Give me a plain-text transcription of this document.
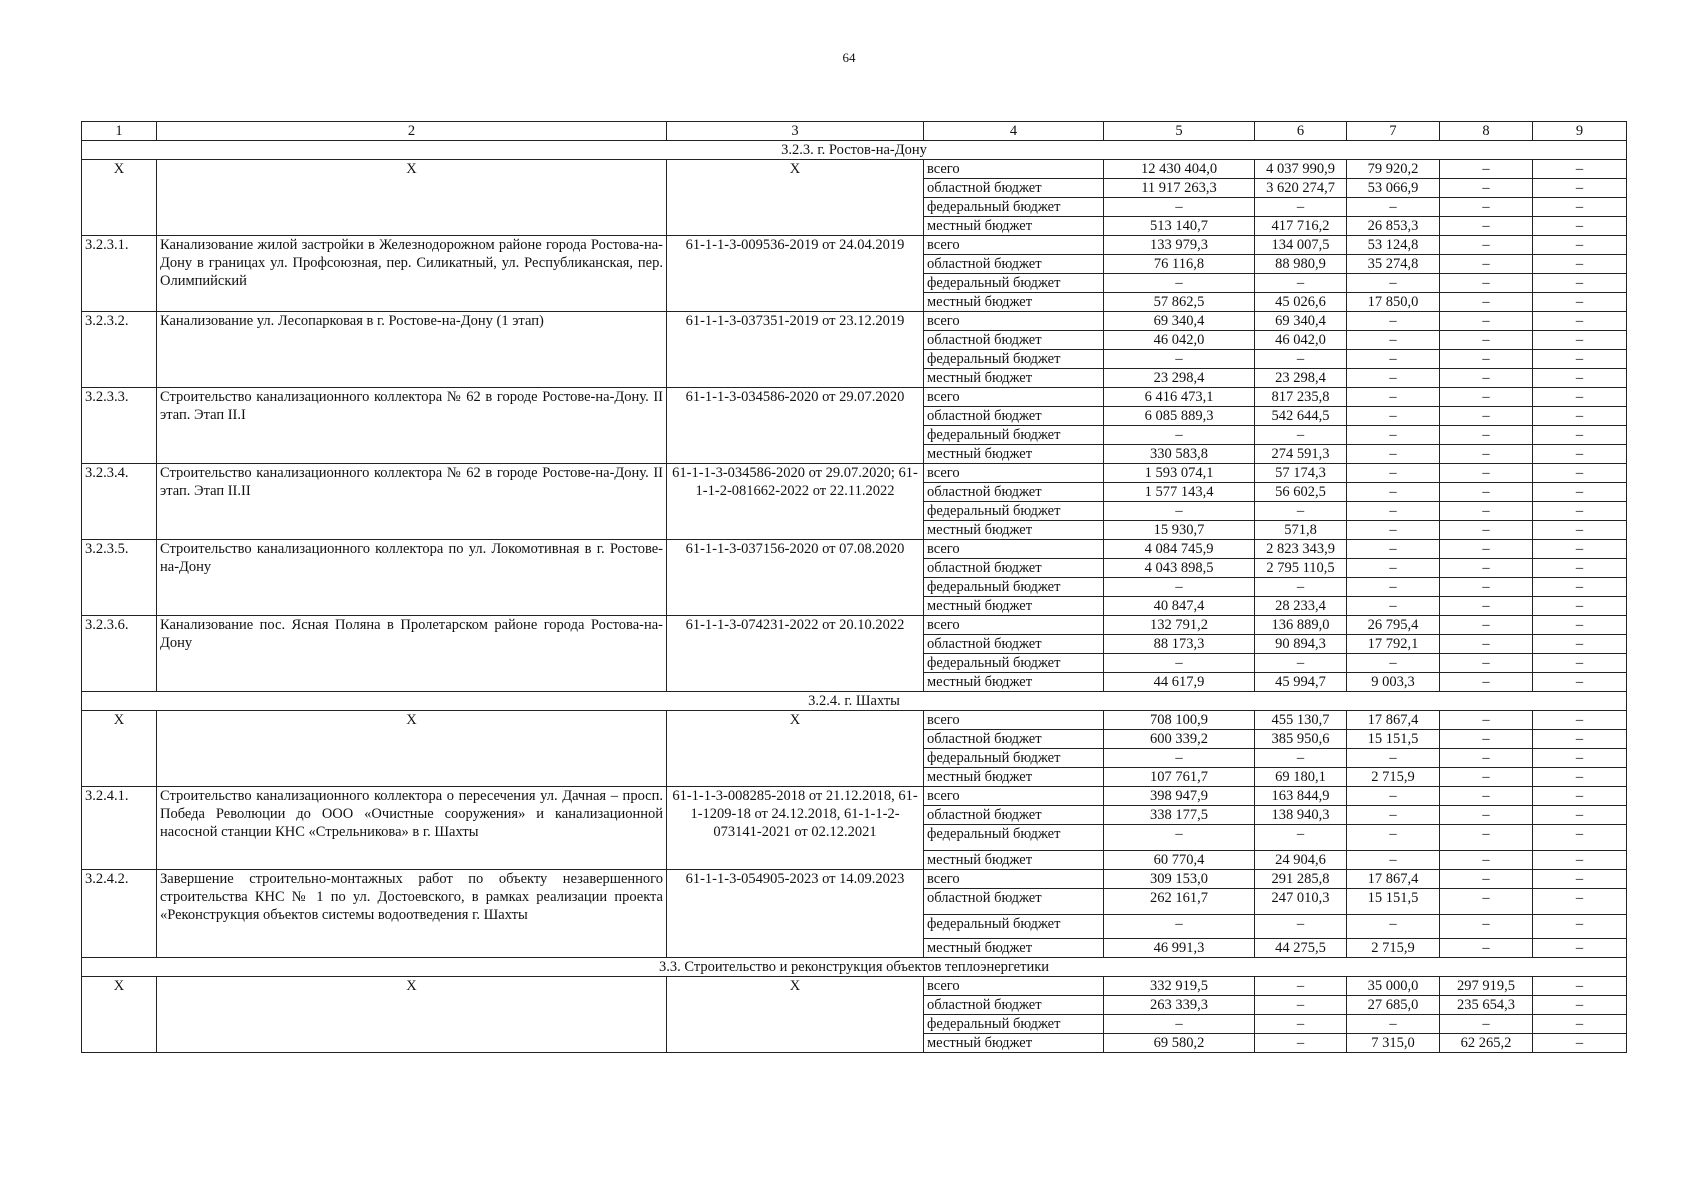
64
1	2	3	4	5	6	7	8	9
3.2.3. г. Ростов-на-Дону								
Х	Х	Х	всего	12 430 404,0	4 037 990,9	79 920,2	–	–
			областной бюджет	11 917 263,3	3 620 274,7	53 066,9	–	–
			федеральный бюджет	–	–	–	–	–
			местный бюджет	513 140,7	417 716,2	26 853,3	–	–
3.2.3.1.	Канализование жилой застройки в Железнодорожном районе города Ростова-на-Дону в границах ул. Профсоюзная, пер. Силикатный, ул. Республиканская, пер. Олимпийский	61-1-1-3-009536-2019 от 24.04.2019	всего	133 979,3	134 007,5	53 124,8	–	–
			областной бюджет	76 116,8	88 980,9	35 274,8	–	–
			федеральный бюджет	–	–	–	–	–
			местный бюджет	57 862,5	45 026,6	17 850,0	–	–
3.2.3.2.	Канализование ул. Лесопарковая в г. Ростове-на-Дону (1 этап)	61-1-1-3-037351-2019 от 23.12.2019	всего	69 340,4	69 340,4	–	–	–
			областной бюджет	46 042,0	46 042,0	–	–	–
			федеральный бюджет	–	–	–	–	–
			местный бюджет	23 298,4	23 298,4	–	–	–
3.2.3.3.	Строительство канализационного коллектора № 62 в городе Ростове-на-Дону. II этап. Этап II.I	61-1-1-3-034586-2020 от 29.07.2020	всего	6 416 473,1	817 235,8	–	–	–
			областной бюджет	6 085 889,3	542 644,5	–	–	–
			федеральный бюджет	–	–	–	–	–
			местный бюджет	330 583,8	274 591,3	–	–	–
3.2.3.4.	Строительство канализационного коллектора № 62 в городе Ростове-на-Дону. II этап. Этап II.II	61-1-1-3-034586-2020 от 29.07.2020; 61-1-1-2-081662-2022 от 22.11.2022	всего	1 593 074,1	57 174,3	–	–	–
			областной бюджет	1 577 143,4	56 602,5	–	–	–
			федеральный бюджет	–	–	–	–	–
			местный бюджет	15 930,7	571,8	–	–	–
3.2.3.5.	Строительство канализационного коллектора по ул. Локомотивная в г. Ростове-на-Дону	61-1-1-3-037156-2020 от 07.08.2020	всего	4 084 745,9	2 823 343,9	–	–	–
			областной бюджет	4 043 898,5	2 795 110,5	–	–	–
			федеральный бюджет	–	–	–	–	–
			местный бюджет	40 847,4	28 233,4	–	–	–
3.2.3.6.	Канализование пос. Ясная Поляна в Пролетарском районе города Ростова-на-Дону	61-1-1-3-074231-2022 от 20.10.2022	всего	132 791,2	136 889,0	26 795,4	–	–
			областной бюджет	88 173,3	90 894,3	17 792,1	–	–
			федеральный бюджет	–	–	–	–	–
			местный бюджет	44 617,9	45 994,7	9 003,3	–	–
3.2.4. г. Шахты								
Х	Х	Х	всего	708 100,9	455 130,7	17 867,4	–	–
			областной бюджет	600 339,2	385 950,6	15 151,5	–	–
			федеральный бюджет	–	–	–	–	–
			местный бюджет	107 761,7	69 180,1	2 715,9	–	–
3.2.4.1.	Строительство канализационного коллектора о пересечения ул. Дачная – просп. Победа Революции до ООО «Очистные сооружения» и канализационной насосной станции КНС «Стрельникова» в г. Шахты	61-1-1-3-008285-2018 от 21.12.2018, 61-1-1209-18 от 24.12.2018, 61-1-1-2-073141-2021 от 02.12.2021	всего	398 947,9	163 844,9	–	–	–
			областной бюджет	338 177,5	138 940,3	–	–	–
			федеральный бюджет	–	–	–	–	–
			местный бюджет	60 770,4	24 904,6	–	–	–
3.2.4.2.	Завершение строительно-монтажных работ по объекту незавершенного строительства КНС № 1 по ул. Достоевского, в рамках реализации проекта «Реконструкция объектов системы водоотведения г. Шахты	61-1-1-3-054905-2023 от 14.09.2023	всего	309 153,0	291 285,8	17 867,4	–	–
			областной бюджет	262 161,7	247 010,3	15 151,5	–	–
			федеральный бюджет	–	–	–	–	–
			местный бюджет	46 991,3	44 275,5	2 715,9	–	–
3.3. Строительство и реконструкция объектов теплоэнергетики								
Х	Х	Х	всего	332 919,5	–	35 000,0	297 919,5	–
			областной бюджет	263 339,3	–	27 685,0	235 654,3	–
			федеральный бюджет	–	–	–	–	–
			местный бюджет	69 580,2	–	7 315,0	62 265,2	–
